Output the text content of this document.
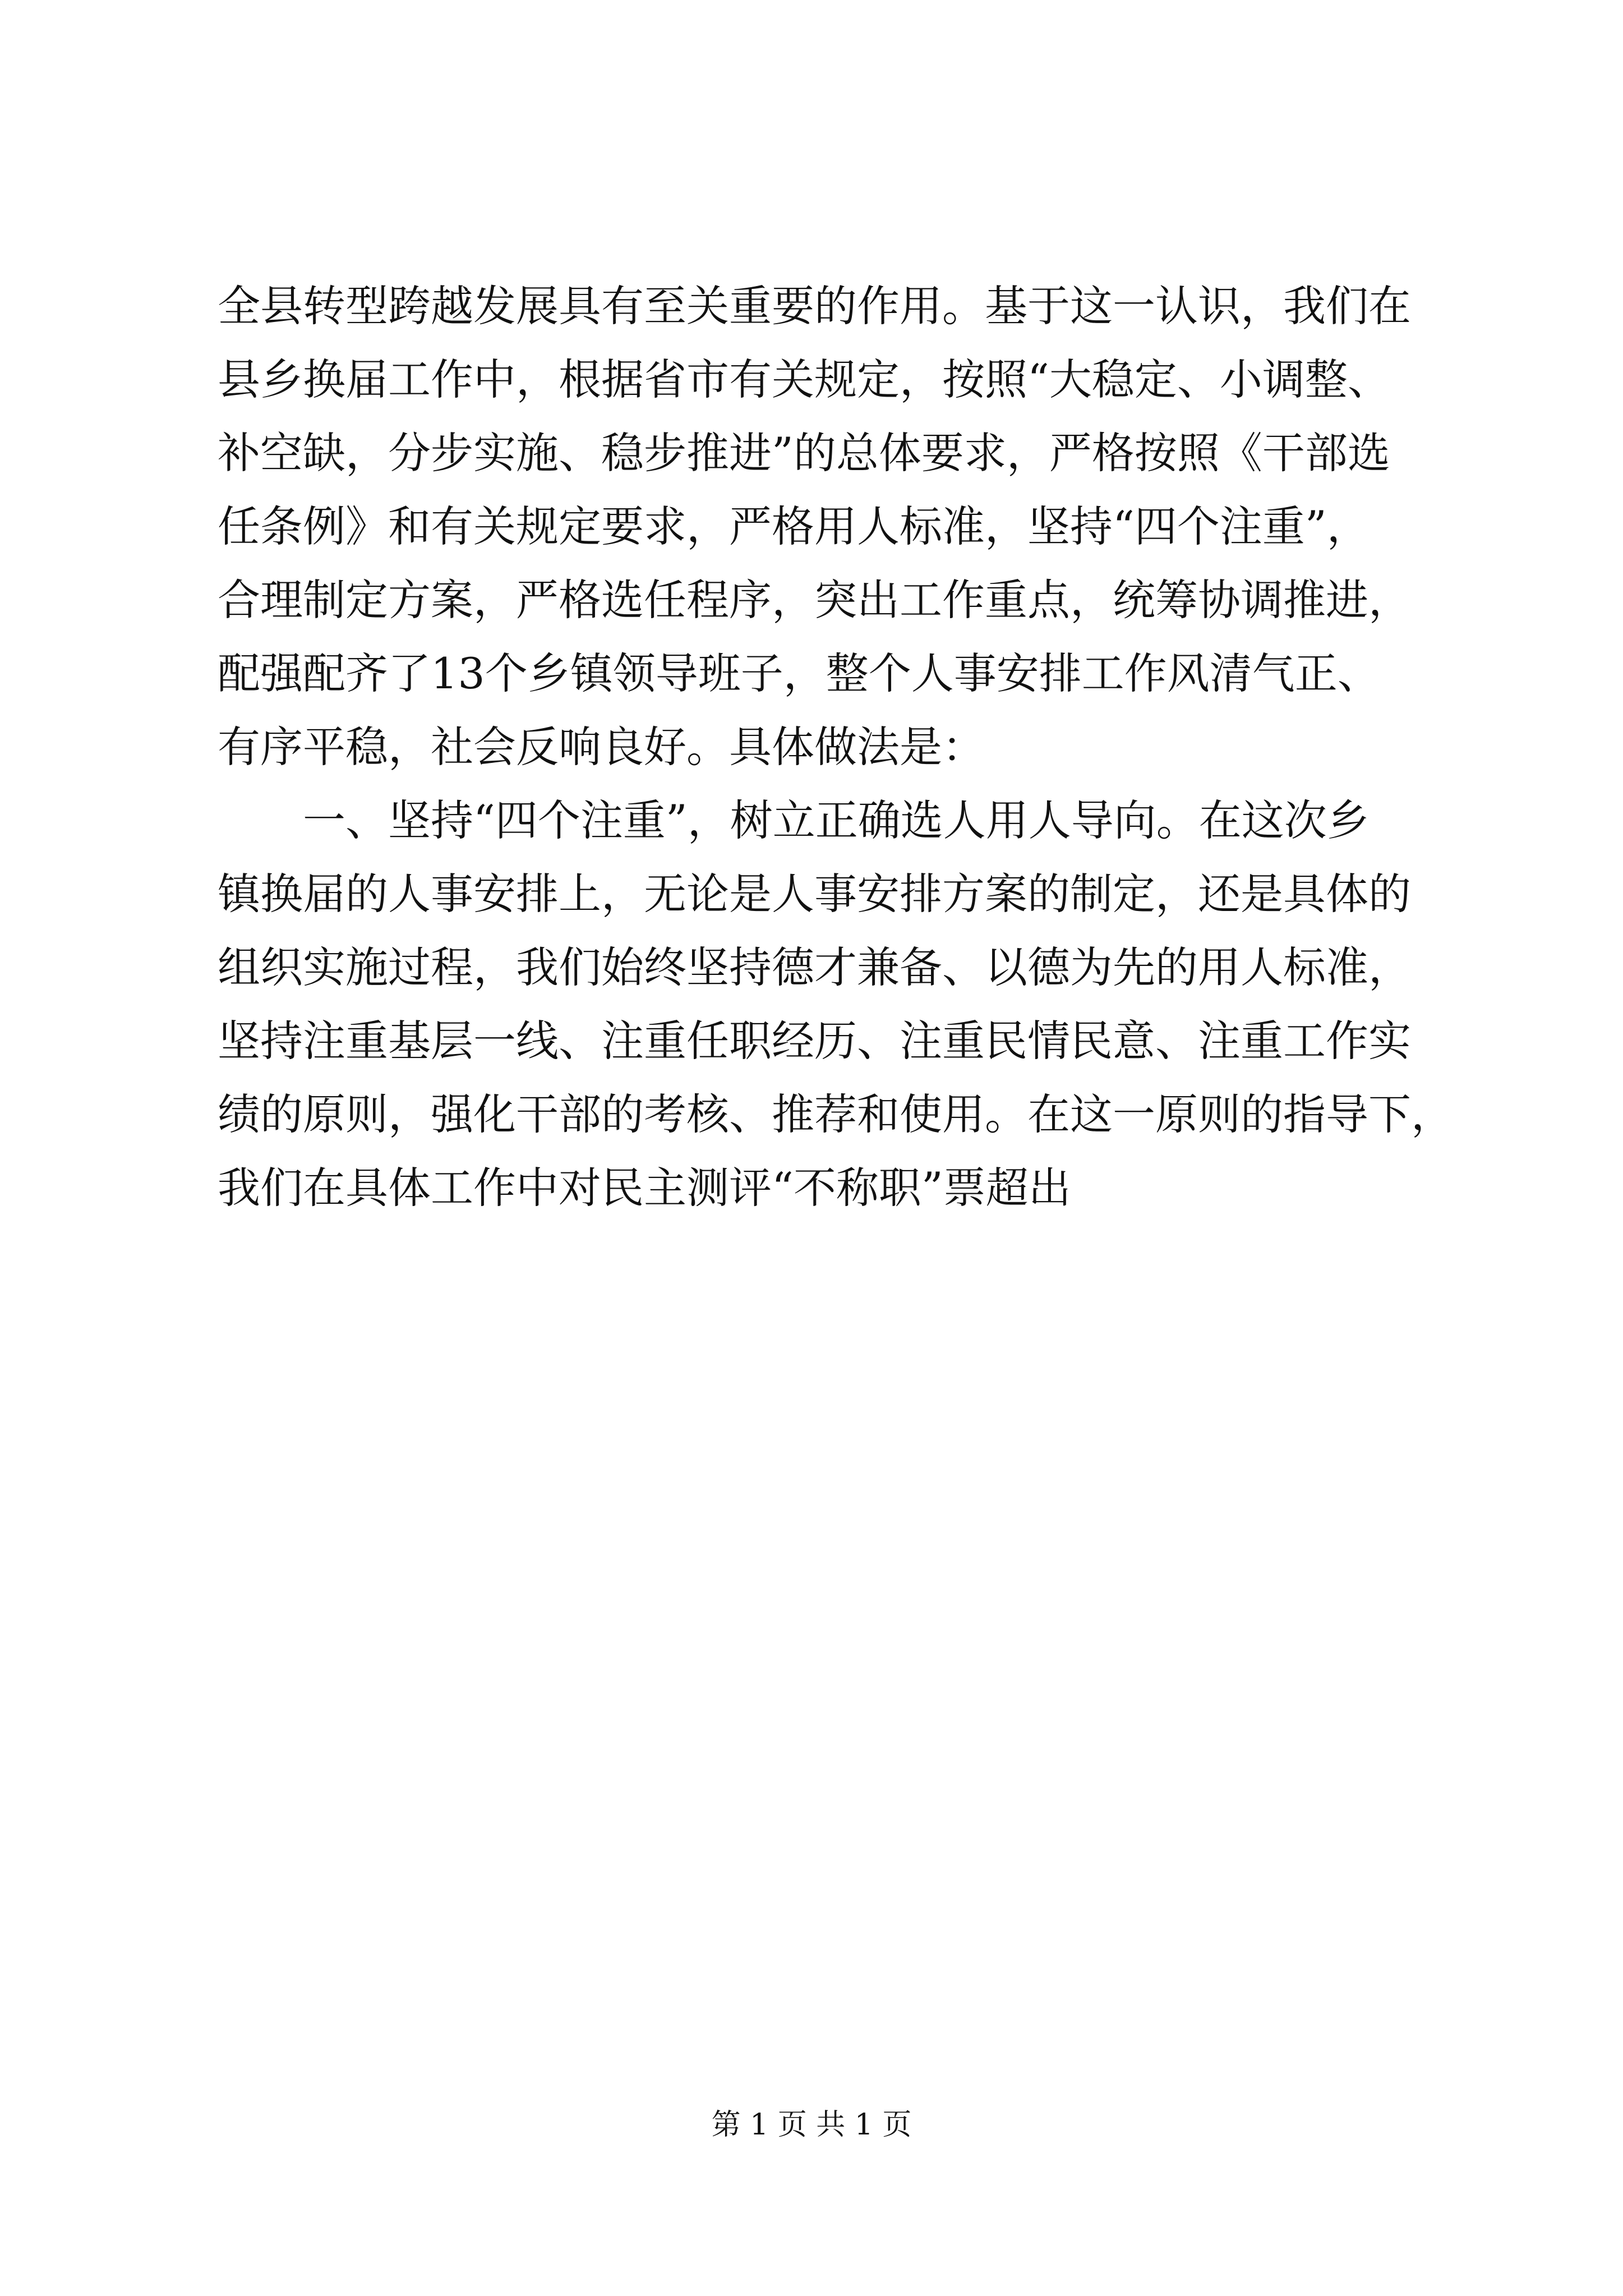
全县转型跨越发展具有至关重要的作用。基于这一认识，我们在
县乡换届工作中，根据省市有关规定，按照“大稳定、小调整、
补空缺，分步实施、稳步推进”的总体要求，严格按照《干部选
任条例》和有关规定要求，严格用人标准，坚持“四个注重”，
合理制定方案，严格选任程序，突出工作重点，统筹协调推进，
配强配齐了13个乡镇领导班子，整个人事安排工作风清气正、
有序平稳，社会反响良好。具体做法是：
一、坚持“四个注重”，树立正确选人用人导向。在这次乡
镇换届的人事安排上，无论是人事安排方案的制定，还是具体的
组织实施过程，我们始终坚持德才兼备、以德为先的用人标准，
坚持注重基层一线、注重任职经历、注重民情民意、注重工作实
绩的原则，强化干部的考核、推荐和使用。在这一原则的指导下，
我们在具体工作中对民主测评“不称职”票超出
第 1 页 共 1 页
